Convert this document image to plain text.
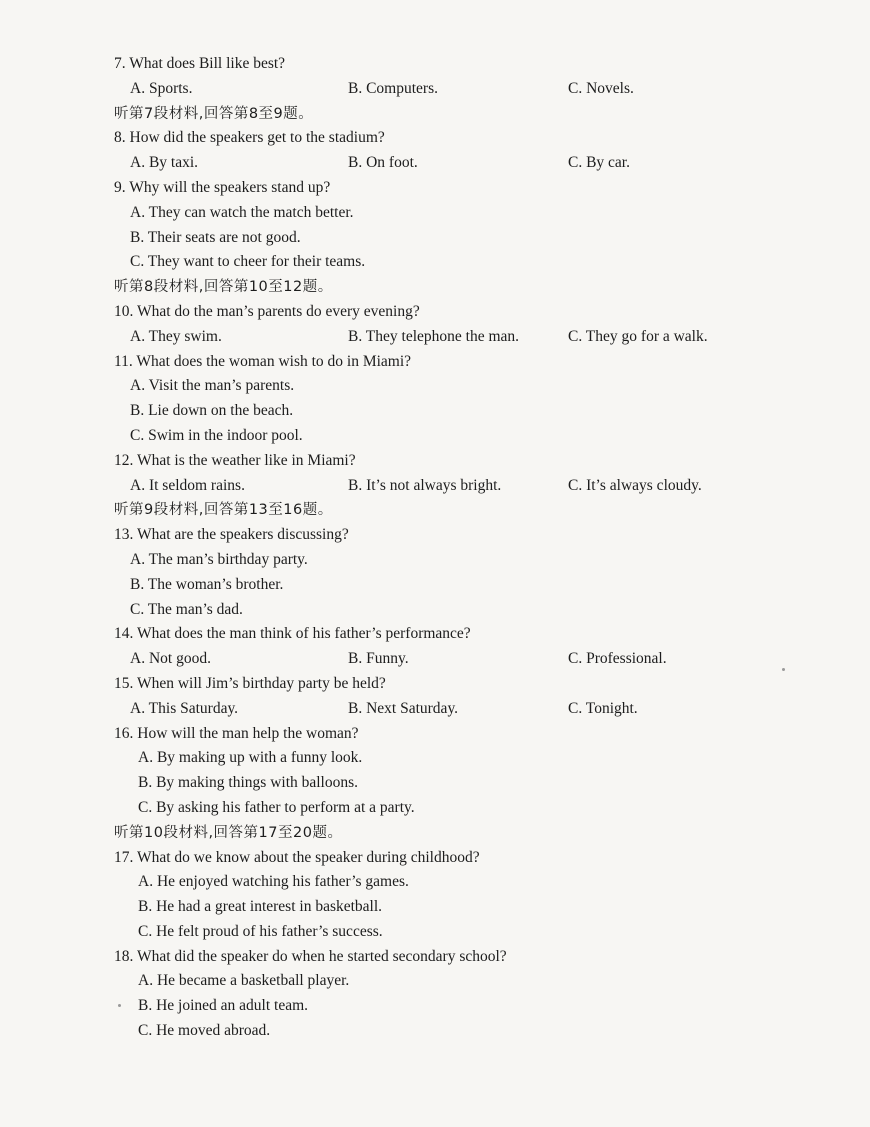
7. What does Bill like best?
A. Sports.	B. Computers.	C. Novels.
听第7段材料,回答第8至9题。
8. How did the speakers get to the stadium?
A. By taxi.	B. On foot.	C. By car.
9. Why will the speakers stand up?
A. They can watch the match better.
B. Their seats are not good.
C. They want to cheer for their teams.
听第8段材料,回答第10至12题。
10. What do the man’s parents do every evening?
A. They swim.	B. They telephone the man.	C. They go for a walk.
11. What does the woman wish to do in Miami?
A. Visit the man’s parents.
B. Lie down on the beach.
C. Swim in the indoor pool.
12. What is the weather like in Miami?
A. It seldom rains.	B. It’s not always bright.	C. It’s always cloudy.
听第9段材料,回答第13至16题。
13. What are the speakers discussing?
A. The man’s birthday party.
B. The woman’s brother.
C. The man’s dad.
14. What does the man think of his father’s performance?
A. Not good.	B. Funny.	C. Professional.
15. When will Jim’s birthday party be held?
A. This Saturday.	B. Next Saturday.	C. Tonight.
16. How will the man help the woman?
A. By making up with a funny look.
B. By making things with balloons.
C. By asking his father to perform at a party.
听第10段材料,回答第17至20题。
17. What do we know about the speaker during childhood?
A. He enjoyed watching his father’s games.
B. He had a great interest in basketball.
C. He felt proud of his father’s success.
18. What did the speaker do when he started secondary school?
A. He became a basketball player.
B. He joined an adult team.
C. He moved abroad.
